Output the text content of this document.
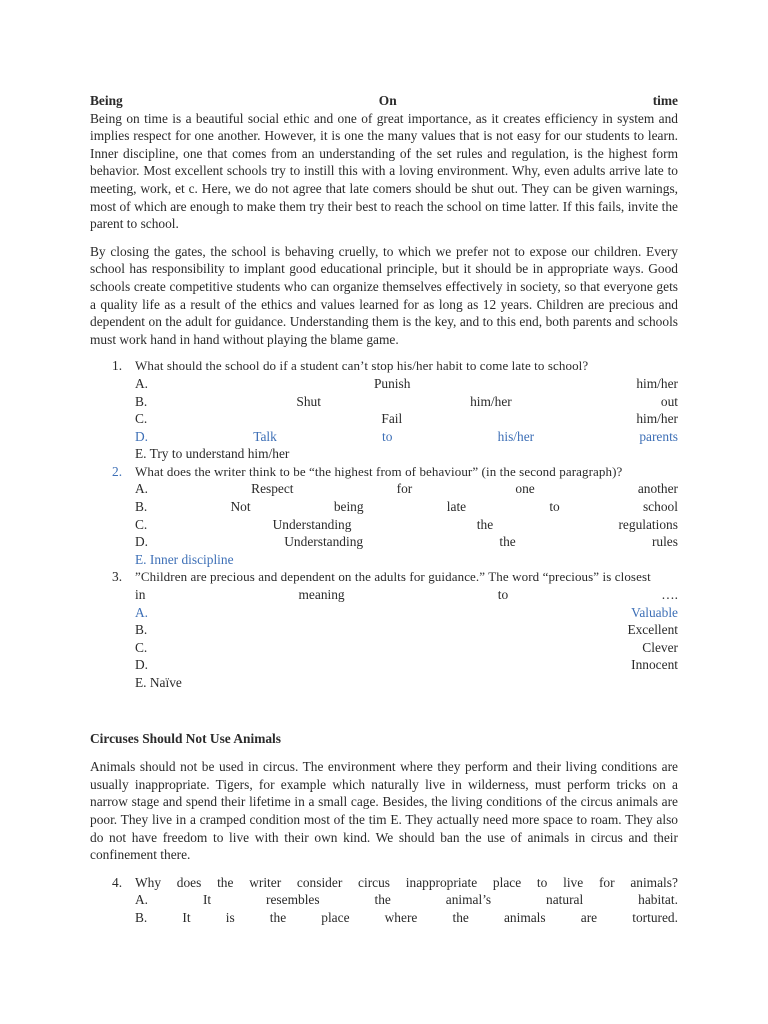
Being	On	time

Being on time is a beautiful social ethic and one of great importance, as it creates efficiency in system and implies respect for one another. However, it is one the many values that is not easy for our students to learn. Inner discipline, one that comes from an understanding of the set rules and regulation, is the highest form behavior. Most excellent schools try to instill this with a loving environment. Why, even adults arrive late to meeting, work, et c. Here, we do not agree that late comers should be shut out. They can be given warnings, most of which are enough to make them try their best to reach the school on time latter. If this fails, invite the parent to school.

By closing the gates, the school is behaving cruelly, to which we prefer not to expose our children. Every school has responsibility to implant good educational principle, but it should be in appropriate ways. Good schools create competitive students who can organize themselves effectively in society, so that everyone gets a quality life as a result of the ethics and values learned for as long as 12 years. Children are precious and dependent on the adult for guidance. Understanding them is the key, and to this end, both parents and schools must work hand in hand without playing the blame game.

1. What should the school do if a student can’t stop his/her habit to come late to school?
A.	Punish	him/her
B.	Shut	him/her	out
C.	Fail	him/her
D.	Talk	to	his/her	parents
E. Try to understand him/her
2. What does the writer think to be “the highest from of behaviour” (in the second paragraph)?
A.	Respect	for	one	another
B.	Not	being	late	to	school
C.	Understanding	the	regulations
D.	Understanding	the	rules
E. Inner discipline
3. ”Children are precious and dependent on the adults for guidance.” The word “precious” is closest
in	meaning	to	….
A.	Valuable
B.	Excellent
C.	Clever
D.	Innocent
E. Naïve
Circuses Should Not Use Animals

Animals should not be used in circus. The environment where they perform and their living conditions are usually inappropriate. Tigers, for example which naturally live in wilderness, must perform tricks on a narrow stage and spend their lifetime in a small cage. Besides, the living conditions of the circus animals are poor. They live in a cramped condition most of the tim E. They actually need more space to roam. They also do not have freedom to live with their own kind. We should ban the use of animals in circus and their confinement there.

4. Why does the writer consider circus inappropriate place to live for animals?
A.	It	resembles	the	animal’s	natural	habitat.
B.	It	is	the	place	where	the	animals	are	tortured.
